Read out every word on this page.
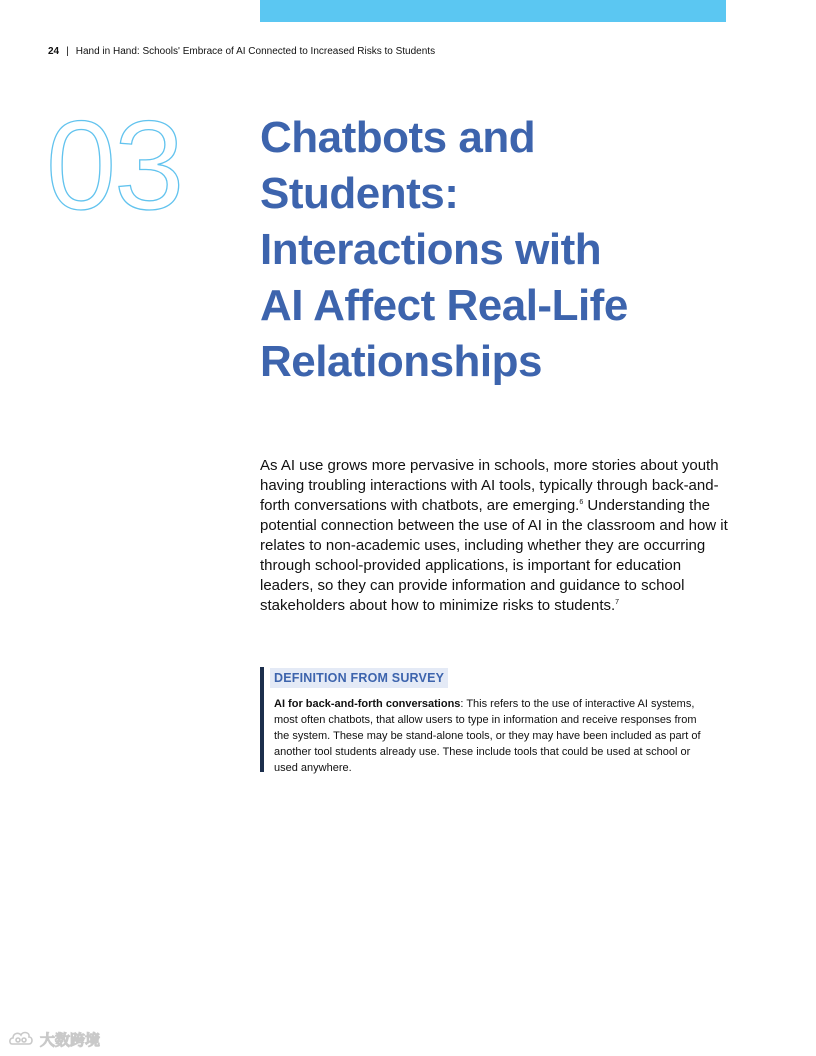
24 | Hand in Hand: Schools' Embrace of AI Connected to Increased Risks to Students
03 Chatbots and
Students:
Interactions with
AI Affect Real-Life
Relationships

As AI use grows more pervasive in schools, more stories about youth having troubling interactions with AI tools, typically through back-and-forth conversations with chatbots, are emerging.$^6$ Understanding the potential connection between the use of AI in the classroom and how it relates to non-academic uses, including whether they are occurring through school-provided applications, is important for education leaders, so they can provide information and guidance to school stakeholders about how to minimize risks to students.$^7$

DEFINITION FROM SURVEY
AI for back-and-forth conversations: This refers to the use of interactive AI systems, most often chatbots, that allow users to type in information and receive responses from the system. These may be stand-alone tools, or they may have been included as part of another tool students already use. These include tools that could be used at school or used anywhere.
大数跨境
